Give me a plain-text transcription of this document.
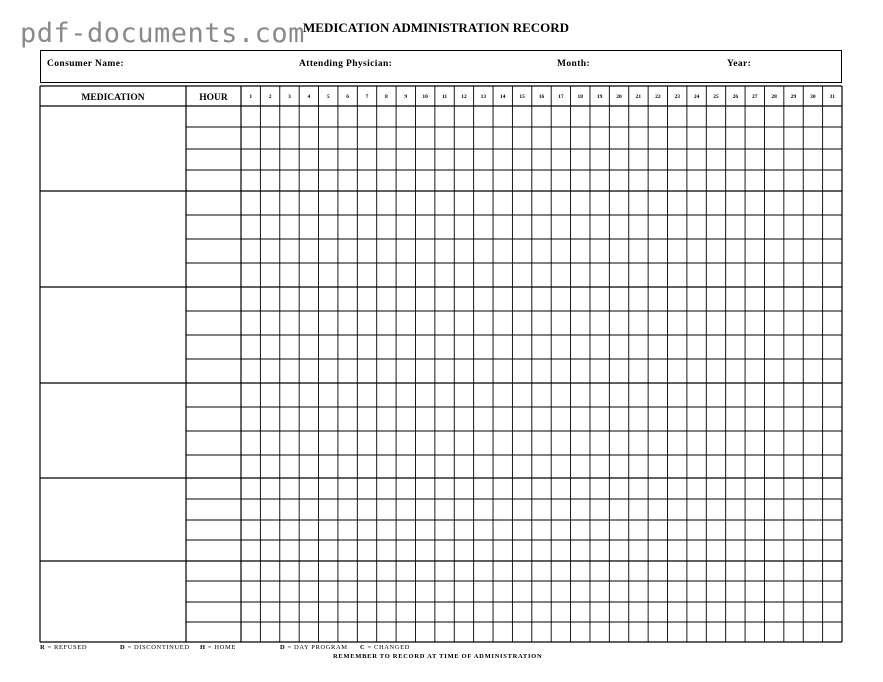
pdf-documents.com
MEDICATION ADMINISTRATION RECORD
Consumer Name:	Attending Physician:	Month:	Year:
MEDICATION	HOUR	1	2	3	4	5	6	7	8	9	10	11	12	13	14	15	16	17	18	19	20	21	22	23	24	25	26	27	28	29	30	31
R = REFUSED	D = DISCONTINUED H = HOME	D = DAY PROGRAM C = CHANGED
REMEMBER TO RECORD AT TIME OF ADMINISTRATION
